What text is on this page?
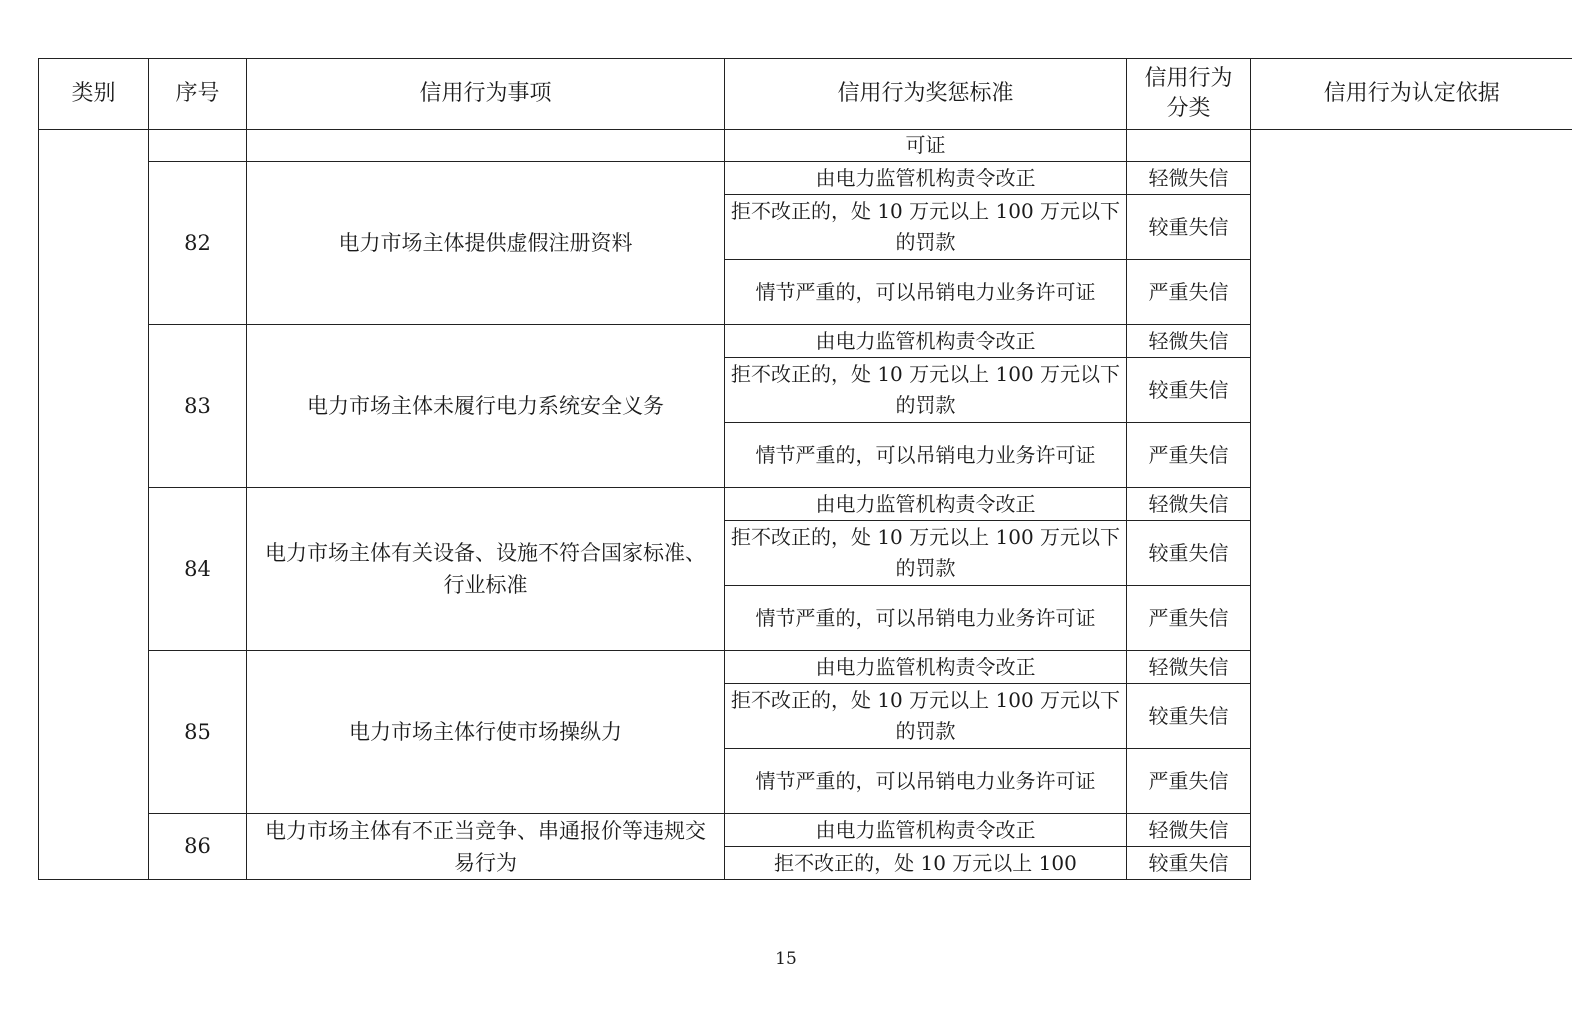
类别	序号	信用行为事项	信用行为奖惩标准	信用行为分类	信用行为认定依据
			可证		
	82	电力市场主体提供虚假注册资料	由电力监管机构责令改正	轻微失信	
			拒不改正的，处 10 万元以上 100 万元以下的罚款	较重失信	
			情节严重的，可以吊销电力业务许可证	严重失信	
	83	电力市场主体未履行电力系统安全义务	由电力监管机构责令改正	轻微失信	
			拒不改正的，处 10 万元以上 100 万元以下的罚款	较重失信	
			情节严重的，可以吊销电力业务许可证	严重失信	
	84	电力市场主体有关设备、设施不符合国家标准、行业标准	由电力监管机构责令改正	轻微失信	
			拒不改正的，处 10 万元以上 100 万元以下的罚款	较重失信	
			情节严重的，可以吊销电力业务许可证	严重失信	
	85	电力市场主体行使市场操纵力	由电力监管机构责令改正	轻微失信	
			拒不改正的，处 10 万元以上 100 万元以下的罚款	较重失信	
			情节严重的，可以吊销电力业务许可证	严重失信	
	86	电力市场主体有不正当竞争、串通报价等违规交易行为	由电力监管机构责令改正	轻微失信	
			拒不改正的，处 10 万元以上 100	较重失信	
15
